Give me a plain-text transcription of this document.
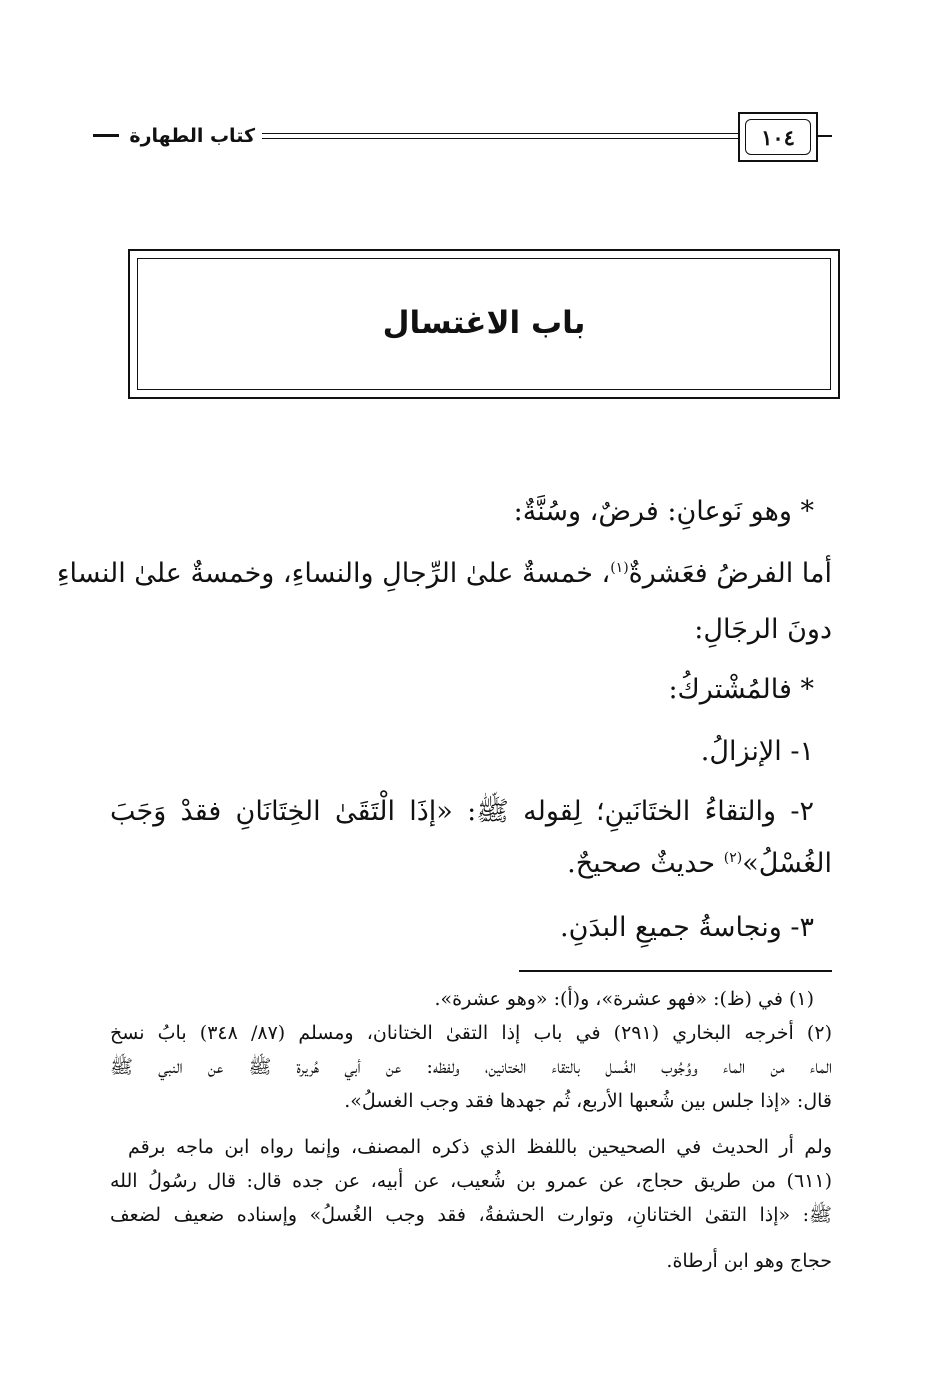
١٠٤
كتاب الطهارة
باب الاغتسال
* وهو نَوعانِ: فرضٌ، وسُنَّةٌ:
أما الفرضُ فعَشرةٌ$^{(١)}$، خمسةٌ علىٰ الرِّجالِ والنساءِ، وخمسةٌ علىٰ النساءِ
دونَ الرجَالِ:
* فالمُشْتركُ:
١- الإنزالُ.
٢- والتقاءُ الختَانَينِ؛ لِقوله ﷺ: «إذَا الْتَقَىٰ الخِتَانَانِ فقدْ وَجَبَ
الغُسْلُ»$^{(٢)}$ حديثٌ صحيحٌ.
٣- ونجاسةُ جميعِ البدَنِ.
(١) في (ظ): «فهو عشرة»، و(أ): «وهو عشرة».
(٢) أخرجه البخاري (٢٩١) في باب إذا التقىٰ الختانان، ومسلم (٨٧/ ٣٤٨) بابُ نسخ
الماء من الماء ووُجُوب الغُسل بالتقاء الختانين، ولفظه: عن أبي هُريرة ﷺ عن النبي ﷺ
قال: «إذا جلس بين شُعبها الأربع، ثُم جهدها فقد وجب الغسلُ».
ولم أر الحديث في الصحيحين باللفظ الذي ذكره المصنف، وإنما رواه ابن ماجه برقم
(٦١١) من طريق حجاج، عن عمرو بن شُعيب، عن أبيه، عن جده قال: قال رسُولُ الله
ﷺ: «إذا التقىٰ الختانانِ، وتوارت الحشفةُ، فقد وجب الغُسلُ» وإسناده ضعيف لضعف
حجاج وهو ابن أرطاة.
